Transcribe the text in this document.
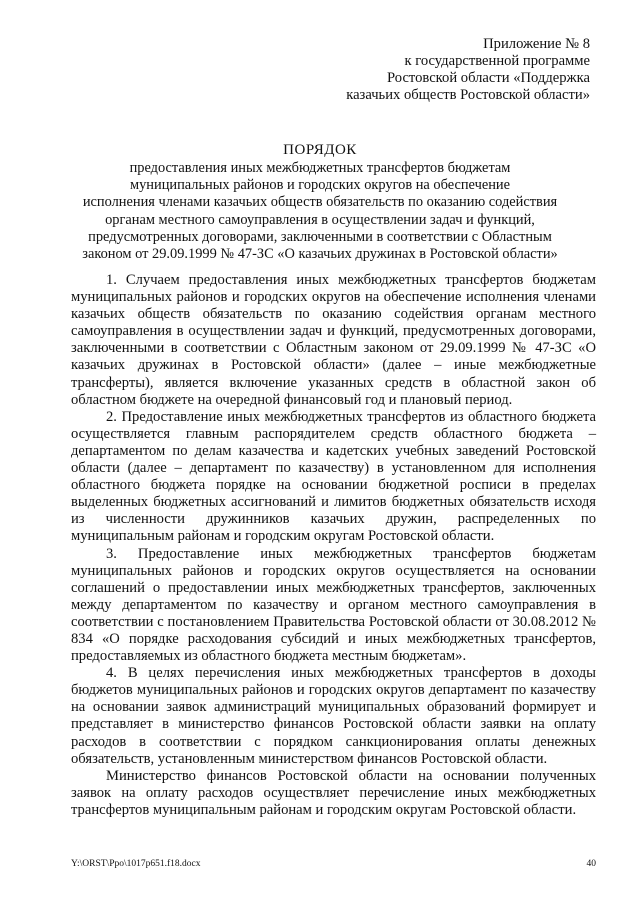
Приложение № 8
к государственной программе
Ростовской области «Поддержка
казачьих обществ Ростовской области»
ПОРЯДОК
предоставления иных межбюджетных трансфертов бюджетам
муниципальных районов и городских округов на обеспечение
исполнения членами казачьих обществ обязательств по оказанию содействия
органам местного самоуправления в осуществлении задач и функций,
предусмотренных договорами, заключенными в соответствии с Областным
законом от 29.09.1999 № 47-ЗС «О казачьих дружинах в Ростовской области»

1. Случаем предоставления иных межбюджетных трансфертов бюджетам муниципальных районов и городских округов на обеспечение исполнения членами казачьих обществ обязательств по оказанию содействия органам местного самоуправления в осуществлении задач и функций, предусмотренных договорами, заключенными в соответствии с Областным законом от 29.09.1999 № 47-ЗС «О казачьих дружинах в Ростовской области» (далее – иные межбюджетные трансферты), является включение указанных средств в областной закон об областном бюджете на очередной финансовый год и плановый период.

2. Предоставление иных межбюджетных трансфертов из областного бюджета осуществляется главным распорядителем средств областного бюджета – департаментом по делам казачества и кадетских учебных заведений Ростовской области (далее – департамент по казачеству) в установленном для исполнения областного бюджета порядке на основании бюджетной росписи в пределах выделенных бюджетных ассигнований и лимитов бюджетных обязательств исходя из численности дружинников казачьих дружин, распределенных по муниципальным районам и городским округам Ростовской области.

3. Предоставление иных межбюджетных трансфертов бюджетам муниципальных районов и городских округов осуществляется на основании соглашений о предоставлении иных межбюджетных трансфертов, заключенных между департаментом по казачеству и органом местного самоуправления в соответствии с постановлением Правительства Ростовской области от 30.08.2012 № 834 «О порядке расходования субсидий и иных межбюджетных трансфертов, предоставляемых из областного бюджета местным бюджетам».

4. В целях перечисления иных межбюджетных трансфертов в доходы бюджетов муниципальных районов и городских округов департамент по казачеству на основании заявок администраций муниципальных образований формирует и представляет в министерство финансов Ростовской области заявки на оплату расходов в соответствии с порядком санкционирования оплаты денежных обязательств, установленным министерством финансов Ростовской области.

Министерство финансов Ростовской области на основании полученных заявок на оплату расходов осуществляет перечисление иных межбюджетных трансфертов муниципальным районам и городским округам Ростовской области.

Y:\ORST\Ppo\1017p651.f18.docx	40
